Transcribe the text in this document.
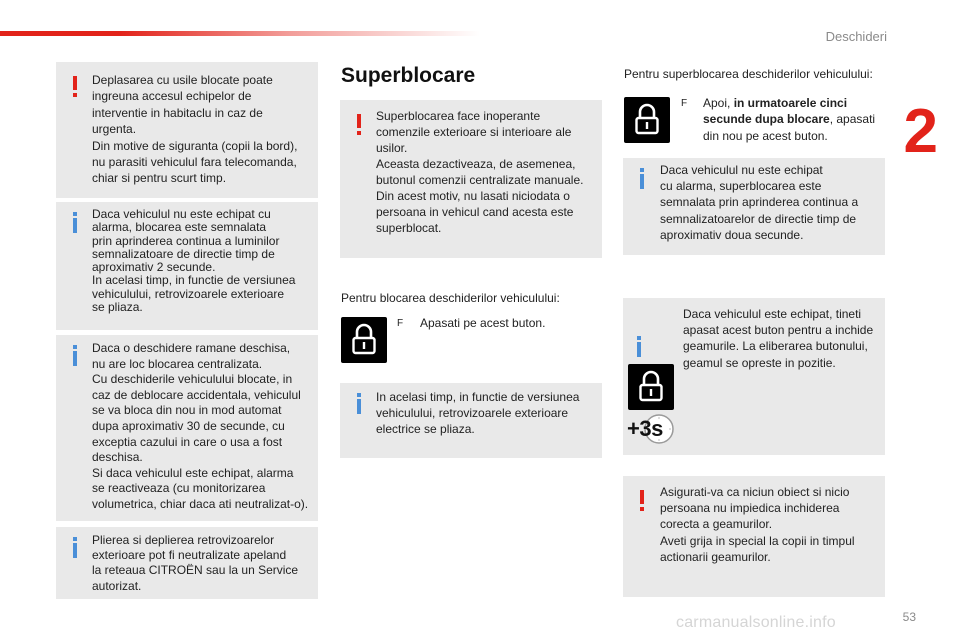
Deschideri
2
53
carmanualsonline.info

Deplasarea cu usile blocate poate

ingreuna accesul echipelor de

interventie in habitaclu in caz de

urgenta.

Din motive de siguranta (copii la bord),

nu parasiti vehiculul fara telecomanda,

chiar si pentru scurt timp.

Daca vehiculul nu este echipat cu

alarma, blocarea este semnalata

prin aprinderea continua a luminilor

semnalizatoare de directie timp de

aproximativ 2 secunde.

In acelasi timp, in functie de versiunea

vehiculului, retrovizoarele exterioare

se pliaza.

Daca o deschidere ramane deschisa,

nu are loc blocarea centralizata.

Cu deschiderile vehiculului blocate, in

caz de deblocare accidentala, vehiculul

se va bloca din nou in mod automat

dupa aproximativ 30 de secunde, cu

exceptia cazului in care o usa a fost

deschisa.

Si daca vehiculul este echipat, alarma

se reactiveaza (cu monitorizarea

volumetrica, chiar daca ati neutralizat-o).

Plierea si deplierea retrovizoarelor

exterioare pot fi neutralizate apeland

la reteaua CITROËN sau la un Service

autorizat.

Superblocare

Superblocarea face inoperante

comenzile exterioare si interioare ale

usilor.

Aceasta dezactiveaza, de asemenea,

butonul comenzii centralizate manuale.

Din acest motiv, nu lasati niciodata o

persoana in vehicul cand acesta este

superblocat.

Pentru blocarea deschiderilor vehiculului:

F Apasati pe acest buton.

In acelasi timp, in functie de versiunea

vehiculului, retrovizoarele exterioare

electrice se pliaza.

Pentru superblocarea deschiderilor vehiculului:

F Apoi, in urmatoarele cinci
secunde dupa blocare, apasati
din nou pe acest buton.

Daca vehiculul nu este echipat

cu alarma, superblocarea este

semnalata prin aprinderea continua a

semnalizatoarelor de directie timp de

aproximativ doua secunde.

Daca vehiculul este echipat, tineti

apasat acest buton pentru a inchide

geamurile. La eliberarea butonului,

geamul se opreste in pozitie.

+3s

Asigurati-va ca niciun obiect si nicio

persoana nu impiedica inchiderea

corecta a geamurilor.

Aveti grija in special la copii in timpul

actionarii geamurilor.
